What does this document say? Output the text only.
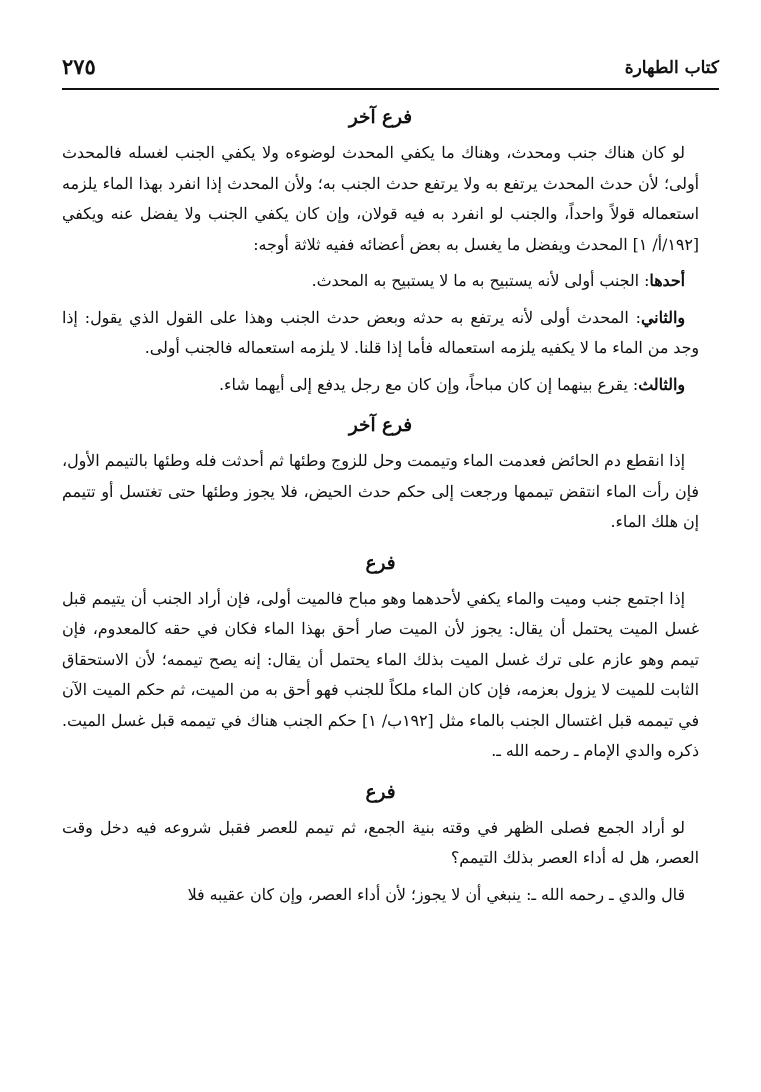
كتاب الطهارة
٢٧٥
فرع آخر

لو كان هناك جنب ومحدث، وهناك ما يكفي المحدث لوضوءه ولا يكفي الجنب لغسله فالمحدث أولى؛ لأن حدث المحدث يرتفع به ولا يرتفع حدث الجنب به؛ ولأن المحدث إذا انفرد بهذا الماء يلزمه استعماله قولاً واحداً، والجنب لو انفرد به فيه قولان، وإن كان يكفي الجنب ولا يفضل عنه ويكفي [١٩٢/أ/ ١] المحدث ويفضل ما يغسل به بعض أعضائه ففيه ثلاثة أوجه:

أحدها: الجنب أولى لأنه يستبيح به ما لا يستبيح به المحدث.

والثاني: المحدث أولى لأنه يرتفع به حدثه وبعض حدث الجنب وهذا على القول الذي يقول: إذا وجد من الماء ما لا يكفيه يلزمه استعماله فأما إذا قلنا. لا يلزمه استعماله فالجنب أولى.

والثالث: يقرع بينهما إن كان مباحاً، وإن كان مع رجل يدفع إلى أيهما شاء.

فرع آخر

إذا انقطع دم الحائض فعدمت الماء وتيممت وحل للزوج وطئها ثم أحدثت فله وطئها بالتيمم الأول، فإن رأت الماء انتقض تيممها ورجعت إلى حكم حدث الحيض، فلا يجوز وطئها حتى تغتسل أو تتيمم إن هلك الماء.

فرع

إذا اجتمع جنب وميت والماء يكفي لأحدهما وهو مباح فالميت أولى، فإن أراد الجنب أن يتيمم قبل غسل الميت يحتمل أن يقال: يجوز لأن الميت صار أحق بهذا الماء فكان في حقه كالمعدوم، فإن تيمم وهو عازم على ترك غسل الميت بذلك الماء يحتمل أن يقال: إنه يصح تيممه؛ لأن الاستحقاق الثابت للميت لا يزول بعزمه، فإن كان الماء ملكاً للجنب فهو أحق به من الميت، ثم حكم الميت الآن في تيممه قبل اغتسال الجنب بالماء مثل [١٩٢ب/ ١] حكم الجنب هناك في تيممه قبل غسل الميت. ذكره والدي الإمام ـ رحمه الله ـ.

فرع

لو أراد الجمع فصلى الظهر في وقته بنية الجمع، ثم تيمم للعصر فقبل شروعه فيه دخل وقت العصر، هل له أداء العصر بذلك التيمم؟

قال والدي ـ رحمه الله ـ: ينبغي أن لا يجوز؛ لأن أداء العصر، وإن كان عقيبه فلا
